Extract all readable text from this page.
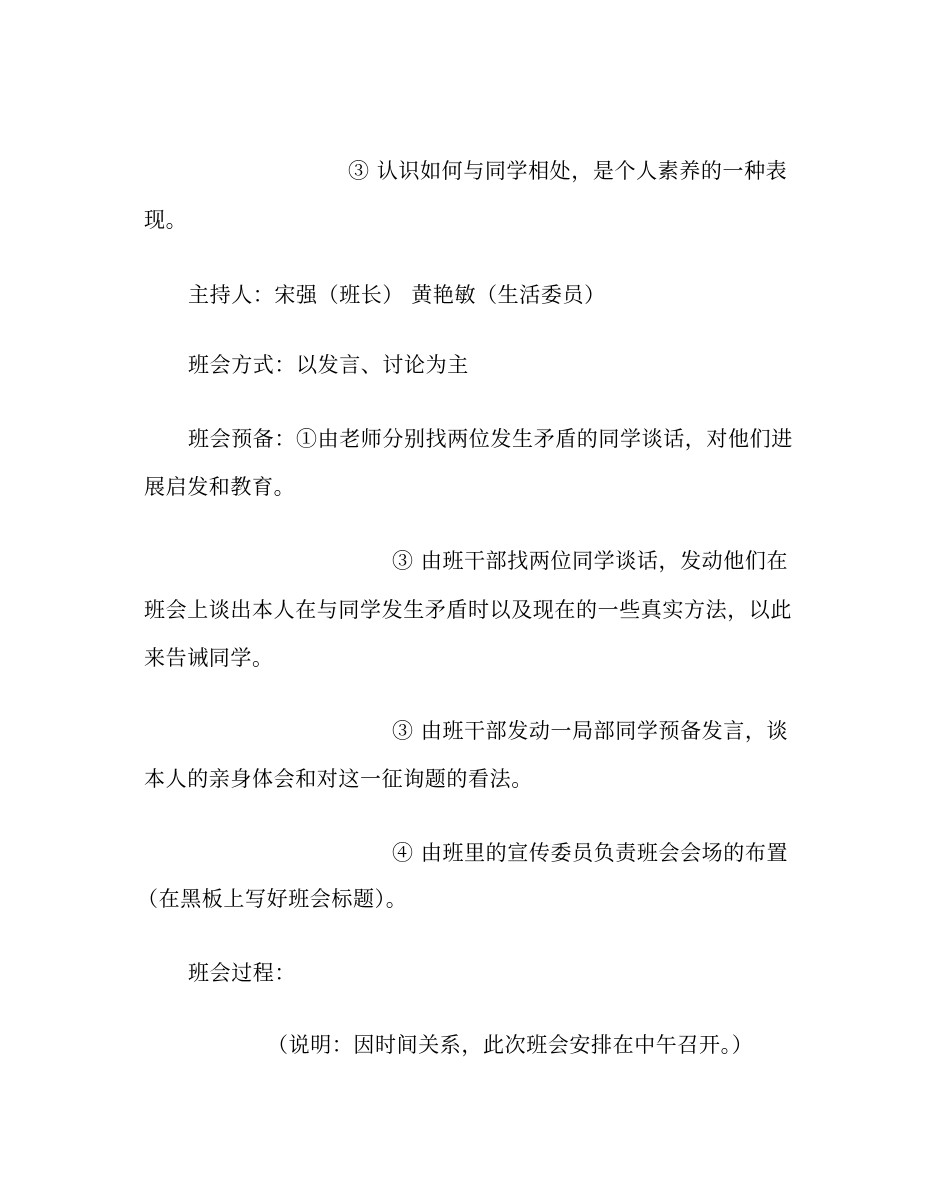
③ 认识如何与同学相处，是个人素养的一种表
现。
主持人：宋强（班长） 黄艳敏（生活委员）
班会方式：以发言、讨论为主
班会预备：①由老师分别找两位发生矛盾的同学谈话，对他们进
展启发和教育。
③ 由班干部找两位同学谈话，发动他们在
班会上谈出本人在与同学发生矛盾时以及现在的一些真实方法，以此
来告诫同学。
③ 由班干部发动一局部同学预备发言，谈
本人的亲身体会和对这一征询题的看法。
④ 由班里的宣传委员负责班会会场的布置
（在黑板上写好班会标题）。
班会过程：
（说明：因时间关系，此次班会安排在中午召开。）
